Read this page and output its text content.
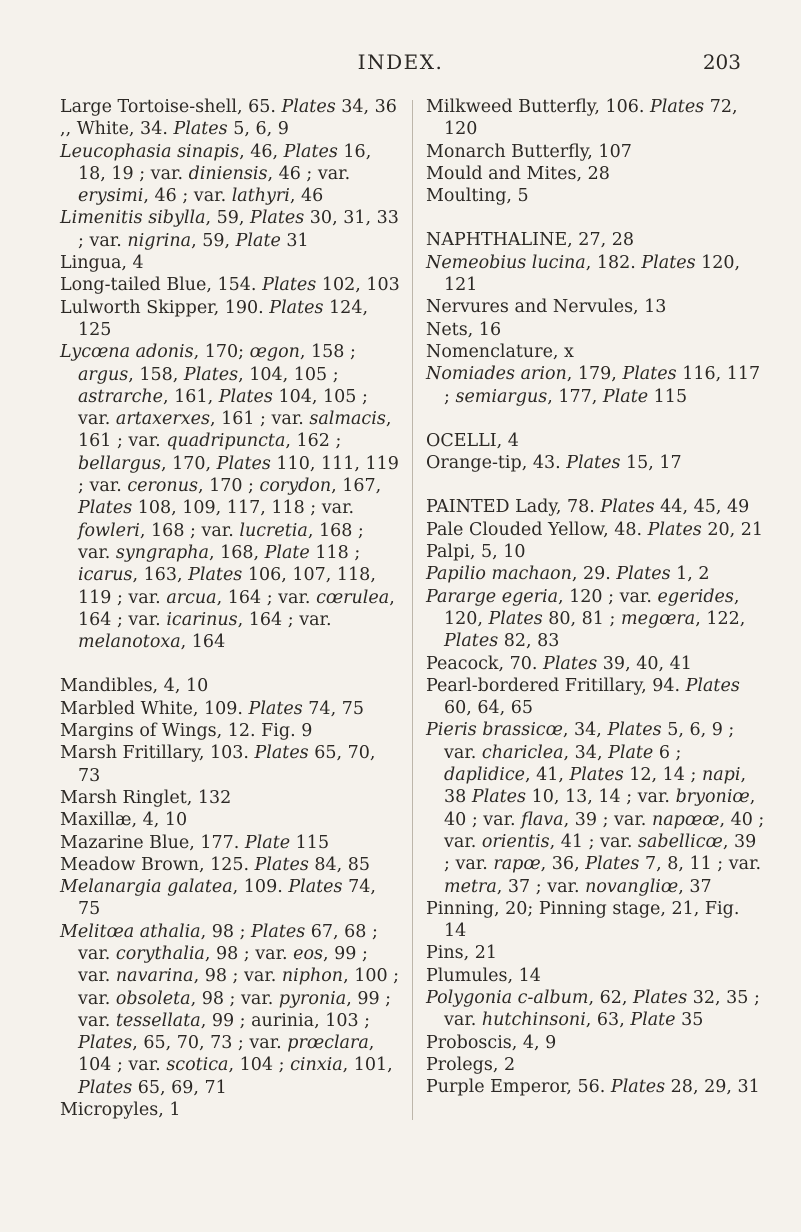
INDEX.	203

Large Tortoise-shell, 65. Plates 34, 36

,, White, 34. Plates 5, 6, 9

Leucophasia sinapis, 46, Plates 16, 18, 19 ; var. diniensis, 46 ; var. erysimi, 46 ; var. lathyri, 46

Limenitis sibylla, 59, Plates 30, 31, 33 ; var. nigrina, 59, Plate 31

Lingua, 4

Long-tailed Blue, 154. Plates 102, 103

Lulworth Skipper, 190. Plates 124, 125

Lycœna adonis, 170; œgon, 158 ; argus, 158, Plates, 104, 105 ; astrarche, 161, Plates 104, 105 ; var. artaxerxes, 161 ; var. salmacis, 161 ; var. quadripuncta, 162 ; bellargus, 170, Plates 110, 111, 119 ; var. ceronus, 170 ; corydon, 167, Plates 108, 109, 117, 118 ; var. fowleri, 168 ; var. lucretia, 168 ; var. syngrapha, 168, Plate 118 ; icarus, 163, Plates 106, 107, 118, 119 ; var. arcua, 164 ; var. cœrulea, 164 ; var. icarinus, 164 ; var. melanotoxa, 164

Mandibles, 4, 10

Marbled White, 109. Plates 74, 75

Margins of Wings, 12. Fig. 9

Marsh Fritillary, 103. Plates 65, 70, 73

Marsh Ringlet, 132

Maxillæ, 4, 10

Mazarine Blue, 177. Plate 115

Meadow Brown, 125. Plates 84, 85

Melanargia galatea, 109. Plates 74, 75

Melitœa athalia, 98 ; Plates 67, 68 ; var. corythalia, 98 ; var. eos, 99 ; var. navarina, 98 ; var. niphon, 100 ; var. obsoleta, 98 ; var. pyronia, 99 ; var. tessellata, 99 ; aurinia, 103 ; Plates, 65, 70, 73 ; var. prœclara, 104 ; var. scotica, 104 ; cinxia, 101, Plates 65, 69, 71

Micropyles, 1

Milkweed Butterfly, 106. Plates 72, 120

Monarch Butterfly, 107

Mould and Mites, 28

Moulting, 5

NAPHTHALINE, 27, 28

Nemeobius lucina, 182. Plates 120, 121

Nervures and Nervules, 13

Nets, 16

Nomenclature, x

Nomiades arion, 179, Plates 116, 117 ; semiargus, 177, Plate 115

OCELLI, 4

Orange-tip, 43. Plates 15, 17

PAINTED Lady, 78. Plates 44, 45, 49

Pale Clouded Yellow, 48. Plates 20, 21

Palpi, 5, 10

Papilio machaon, 29. Plates 1, 2

Pararge egeria, 120 ; var. egerides, 120, Plates 80, 81 ; megœra, 122, Plates 82, 83

Peacock, 70. Plates 39, 40, 41

Pearl-bordered Fritillary, 94. Plates 60, 64, 65

Pieris brassicœ, 34, Plates 5, 6, 9 ; var. chariclea, 34, Plate 6 ; daplidice, 41, Plates 12, 14 ; napi, 38 Plates 10, 13, 14 ; var. bryoniœ, 40 ; var. flava, 39 ; var. napœœ, 40 ; var. orientis, 41 ; var. sabellicœ, 39 ; var. rapœ, 36, Plates 7, 8, 11 ; var. metra, 37 ; var. novangliœ, 37

Pinning, 20; Pinning stage, 21, Fig. 14

Pins, 21

Plumules, 14

Polygonia c-album, 62, Plates 32, 35 ; var. hutchinsoni, 63, Plate 35

Proboscis, 4, 9

Prolegs, 2

Purple Emperor, 56. Plates 28, 29, 31
